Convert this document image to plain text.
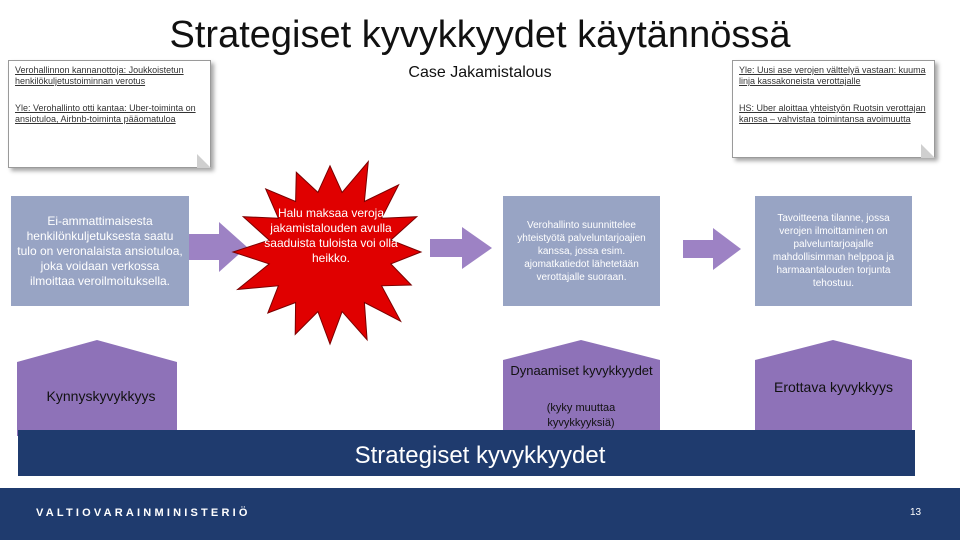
Strategiset kyvykkyydet käytännössä

Verohallinnon kannanottoja: Joukkoistetun henkilökuljetustoiminnan verotus

Yle: Verohallinto otti kantaa: Uber-toiminta on ansiotuloa, Airbnb-toiminta pääomatuloa

Case Jakamistalous	Yle: Uusi ase verojen välttelyä vastaan: kuuma linja kassakoneista verottajalle

HS: Uber aloittaa yhteistyön Ruotsin verottajan kanssa – vahvistaa toimintansa avoimuutta

Ei-ammattimaisesta henkilönkuljetuksesta saatu tulo on veronalaista ansiotuloa, joka voidaan verkossa ilmoittaa veroilmoituksella.
Halu maksaa veroja jakamistalouden avulla saaduista tuloista voi olla heikko.
Verohallinto suunnittelee yhteistyötä palveluntarjoajien kanssa, jossa esim. ajomatkatiedot lähetetään verottajalle suoraan.
Tavoitteena tilanne, jossa verojen ilmoittaminen on palveluntarjoajalle mahdollisimman helppoa ja harmaantalouden torjunta tehostuu.
Kynnyskyvykkyys
Dynaamiset kyvykkyydet
(kyky muuttaa kyvykkyyksiä)
Erottava kyvykkyys
Strategiset kyvykkyydet
VALTIOVARAINMINISTERIÖ	13
